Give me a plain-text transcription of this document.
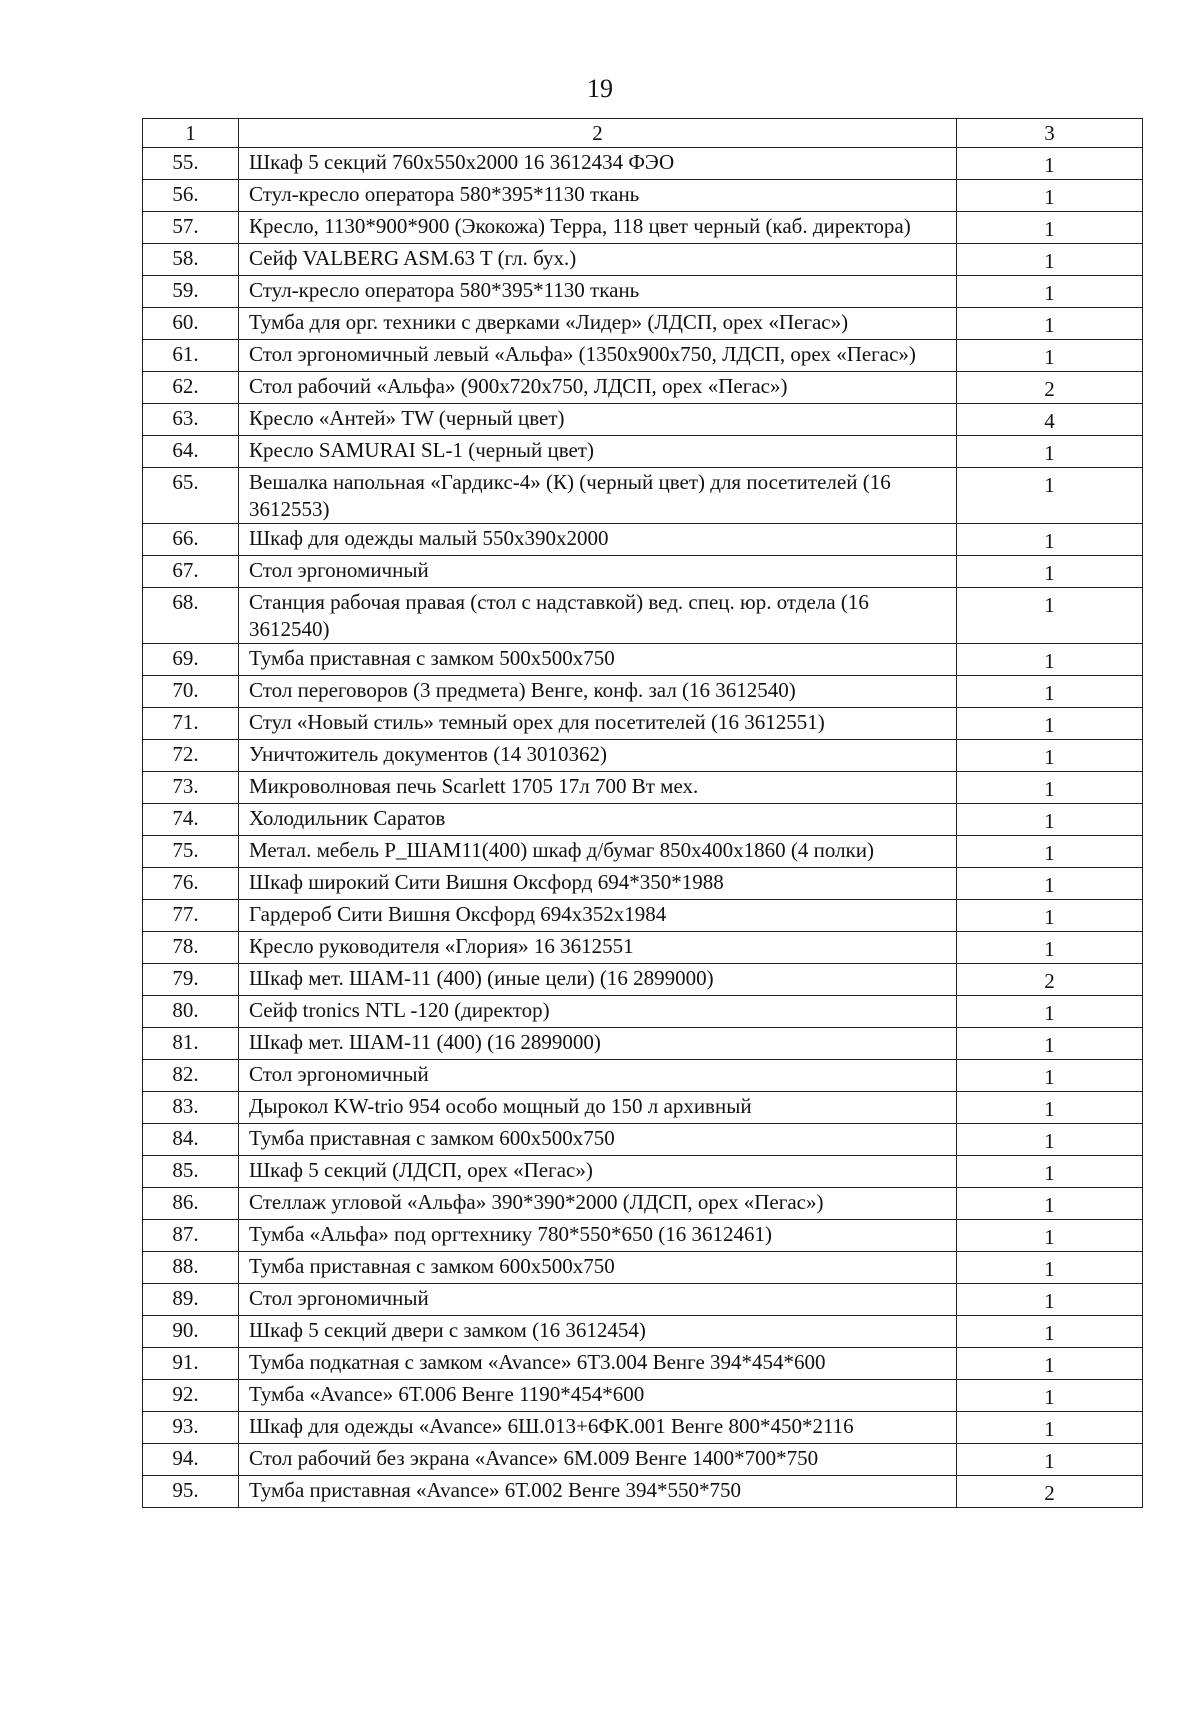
19
1	2	3
55.	Шкаф 5 секций 760х550х2000 16 3612434 ФЭО	1
56.	Стул-кресло оператора 580*395*1130 ткань	1
57.	Кресло, 1130*900*900 (Экокожа) Терра, 118 цвет черный (каб. директора)	1
58.	Сейф VALBERG ASM.63 T (гл. бух.)	1
59.	Стул-кресло оператора 580*395*1130 ткань	1
60.	Тумба для орг. техники с дверками «Лидер» (ЛДСП, орех «Пегас»)	1
61.	Стол эргономичный левый «Альфа» (1350х900х750, ЛДСП, орех «Пегас»)	1
62.	Стол рабочий «Альфа» (900х720х750, ЛДСП, орех «Пегас»)	2
63.	Кресло «Антей» TW (черный цвет)	4
64.	Кресло SAMURAI SL-1 (черный цвет)	1
65.	Вешалка напольная «Гардикс-4» (К) (черный цвет) для посетителей (16 3612553)	1
66.	Шкаф для одежды малый 550х390х2000	1
67.	Стол эргономичный	1
68.	Станция рабочая правая (стол с надставкой) вед. спец. юр. отдела (16 3612540)	1
69.	Тумба приставная с замком 500х500х750	1
70.	Стол переговоров (3 предмета) Венге, конф. зал (16 3612540)	1
71.	Стул «Новый стиль» темный орех для посетителей (16 3612551)	1
72.	Уничтожитель документов (14 3010362)	1
73.	Микроволновая печь Scarlett 1705 17л 700 Вт мех.	1
74.	Холодильник Саратов	1
75.	Метал. мебель Р_ШАМ11(400) шкаф д/бумаг 850х400х1860 (4 полки)	1
76.	Шкаф широкий Сити Вишня Оксфорд 694*350*1988	1
77.	Гардероб Сити Вишня Оксфорд 694х352х1984	1
78.	Кресло руководителя «Глория» 16 3612551	1
79.	Шкаф мет. ШАМ-11 (400) (иные цели) (16 2899000)	2
80.	Сейф tronics NTL -120 (директор)	1
81.	Шкаф мет. ШАМ-11 (400) (16 2899000)	1
82.	Стол эргономичный	1
83.	Дырокол KW-trio 954 особо мощный до 150 л архивный	1
84.	Тумба приставная с замком 600х500х750	1
85.	Шкаф 5 секций (ЛДСП, орех «Пегас»)	1
86.	Стеллаж угловой «Альфа» 390*390*2000 (ЛДСП, орех «Пегас»)	1
87.	Тумба «Альфа» под оргтехнику 780*550*650 (16 3612461)	1
88.	Тумба приставная с замком 600х500х750	1
89.	Стол эргономичный	1
90.	Шкаф 5 секций двери с замком (16 3612454)	1
91.	Тумба подкатная с замком «Avance» 6Т3.004 Венге 394*454*600	1
92.	Тумба «Avance» 6Т.006 Венге 1190*454*600	1
93.	Шкаф для одежды «Avance» 6Ш.013+6ФК.001 Венге 800*450*2116	1
94.	Стол рабочий без экрана «Avance» 6М.009 Венге 1400*700*750	1
95.	Тумба приставная «Avance» 6Т.002 Венге 394*550*750	2
